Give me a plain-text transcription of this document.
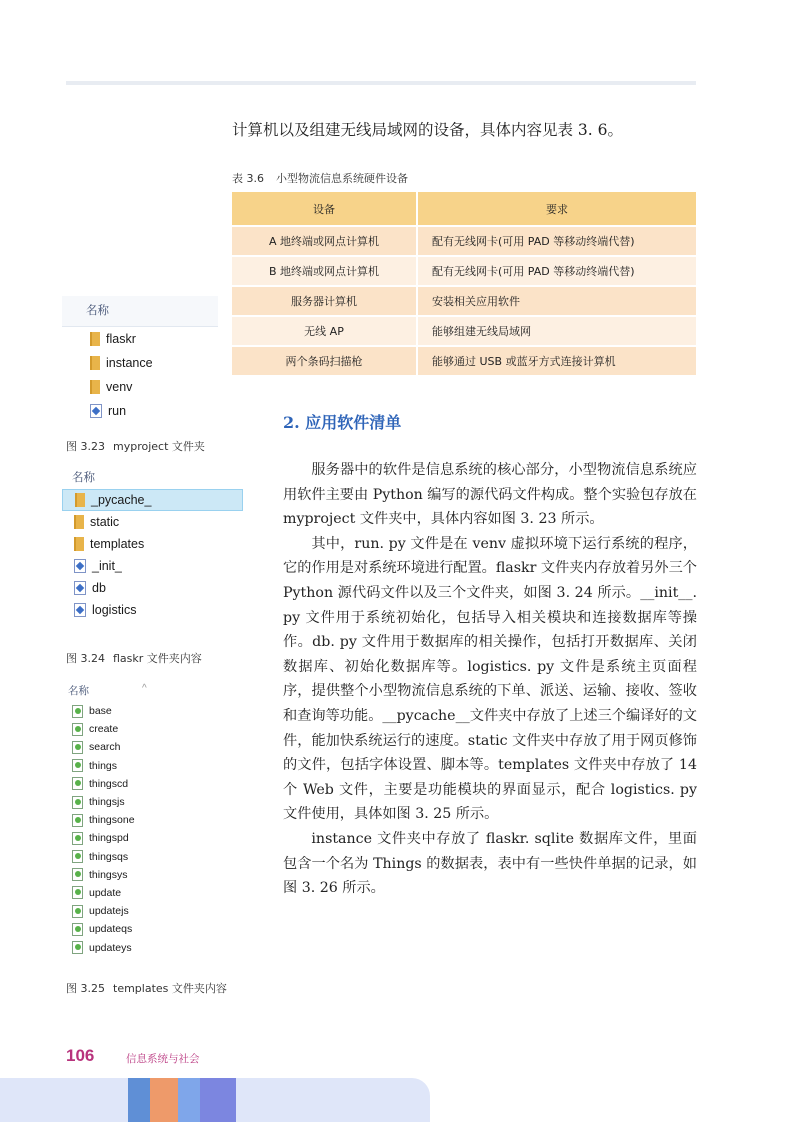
计算机以及组建无线局域网的设备，具体内容见表 3. 6。
表 3.6 小型物流信息系统硬件设备
设备	要求
A 地终端或网点计算机	配有无线网卡(可用 PAD 等移动终端代替)
B 地终端或网点计算机	配有无线网卡(可用 PAD 等移动终端代替)
服务器计算机	安装相关应用软件
无线 AP	能够组建无线局域网
两个条码扫描枪	能够通过 USB 或蓝牙方式连接计算机
名称
flaskr
instance
venv
run
图 3.23 myproject 文件夹
名称
_pycache_
static
templates
_init_
db
logistics
图 3.24 flaskr 文件夹内容
名称	^
base
create
search
things
thingscd
thingsjs
thingsone
thingspd
thingsqs
thingsys
update
updatejs
updateqs
updateys
图 3.25 templates 文件夹内容
2. 应用软件清单

服务器中的软件是信息系统的核心部分，小型物流信息系统应用软件主要由 Python 编写的源代码文件构成。整个实验包存放在 myproject 文件夹中，具体内容如图 3. 23 所示。

其中，run. py 文件是在 venv 虚拟环境下运行系统的程序，它的作用是对系统环境进行配置。flaskr 文件夹内存放着另外三个 Python 源代码文件以及三个文件夹，如图 3. 24 所示。__init__. py 文件用于系统初始化，包括导入相关模块和连接数据库等操作。db. py 文件用于数据库的相关操作，包括打开数据库、关闭数据库、初始化数据库等。logistics. py 文件是系统主页面程序，提供整个小型物流信息系统的下单、派送、运输、接收、签收和查询等功能。__pycache__文件夹中存放了上述三个编译好的文件，能加快系统运行的速度。static 文件夹中存放了用于网页修饰的文件，包括字体设置、脚本等。templates 文件夹中存放了 14 个 Web 文件，主要是功能模块的界面显示，配合 logistics. py 文件使用，具体如图 3. 25 所示。

instance 文件夹中存放了 flaskr. sqlite 数据库文件，里面包含一个名为 Things 的数据表，表中有一些快件单据的记录，如图 3. 26 所示。

106	信息系统与社会
